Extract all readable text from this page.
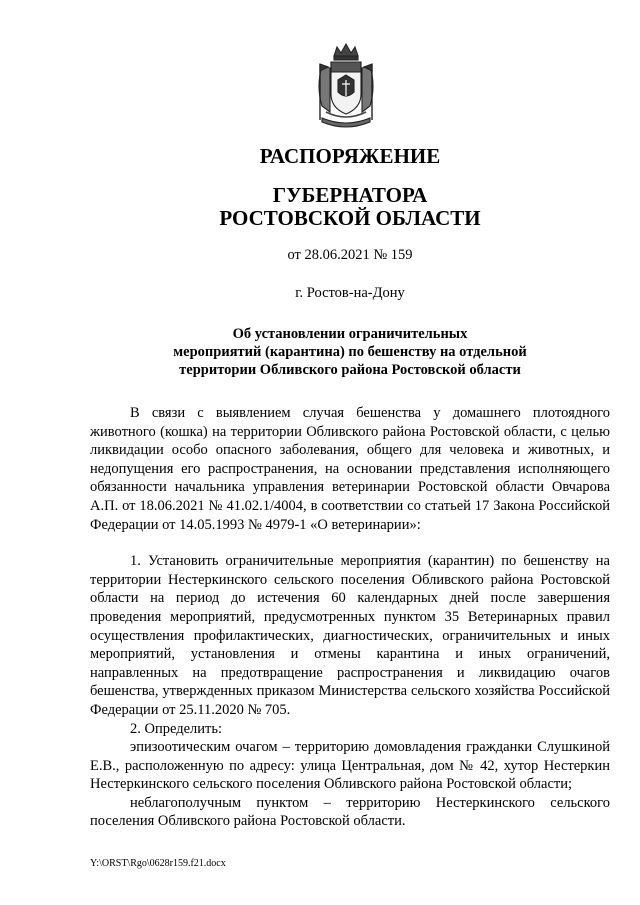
РАСПОРЯЖЕНИЕ
ГУБЕРНАТОРА
РОСТОВСКОЙ ОБЛАСТИ
от 28.06.2021 № 159
г. Ростов-на-Дону
Об установлении ограничительных
мероприятий (карантина) по бешенству на отдельной
территории Обливского района Ростовской области

В связи с выявлением случая бешенства у домашнего плотоядного животного (кошка) на территории Обливского района Ростовской области, с целью ликвидации особо опасного заболевания, общего для человека и животных, и недопущения его распространения, на основании представления исполняющего обязанности начальника управления ветеринарии Ростовской области Овчарова А.П. от 18.06.2021 № 41.02.1/4004, в соответствии со статьей 17 Закона Российской Федерации от 14.05.1993 № 4979-1 «О ветеринарии»:

1. Установить ограничительные мероприятия (карантин) по бешенству на территории Нестеркинского сельского поселения Обливского района Ростовской области на период до истечения 60 календарных дней после завершения проведения мероприятий, предусмотренных пунктом 35 Ветеринарных правил осуществления профилактических, диагностических, ограничительных и иных мероприятий, установления и отмены карантина и иных ограничений, направленных на предотвращение распространения и ликвидацию очагов бешенства, утвержденных приказом Министерства сельского хозяйства Российской Федерации от 25.11.2020 № 705.

2. Определить:

эпизоотическим очагом – территорию домовладения гражданки Слушкиной Е.В., расположенную по адресу: улица Центральная, дом № 42, хутор Нестеркин Нестеркинского сельского поселения Обливского района Ростовской области;

неблагополучным пунктом – территорию Нестеркинского сельского поселения Обливского района Ростовской области.

Y:\ORST\Rgo\0628r159.f21.docx
